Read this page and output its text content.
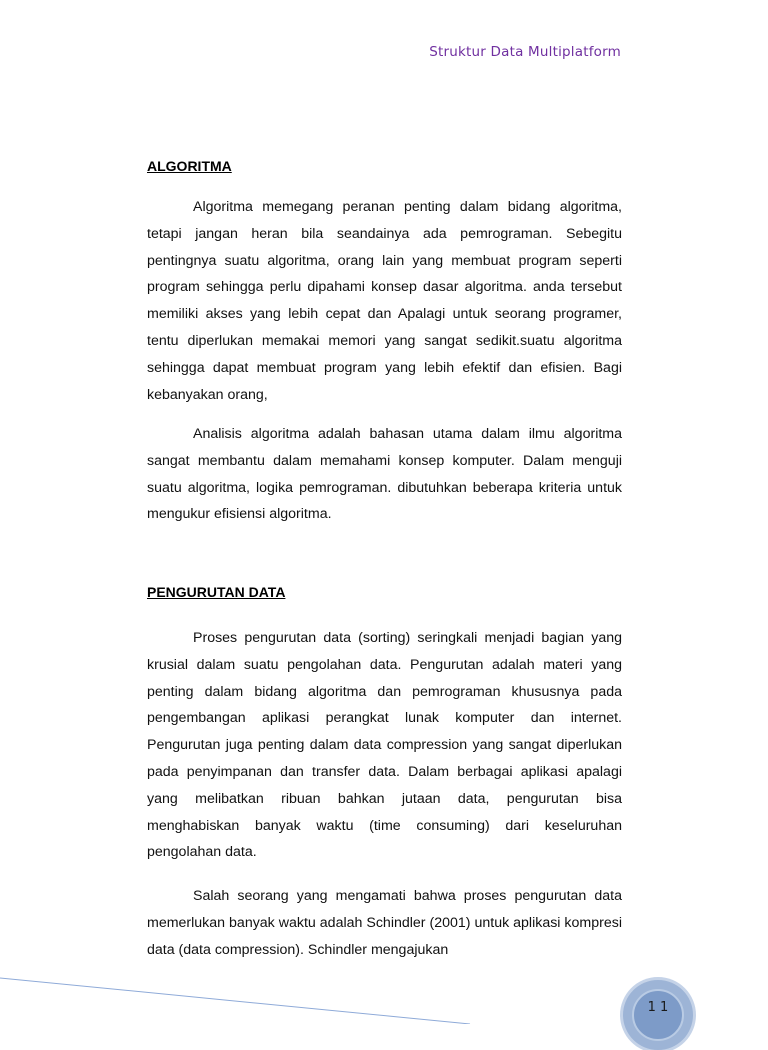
Struktur Data Multiplatform
ALGORITMA

Algoritma memegang peranan penting dalam bidang algoritma, tetapi jangan heran bila seandainya ada pemrograman. Sebegitu pentingnya suatu algoritma, orang lain yang membuat program seperti program sehingga perlu dipahami konsep dasar algoritma. anda tersebut memiliki akses yang lebih cepat dan Apalagi untuk seorang programer, tentu diperlukan memakai memori yang sangat sedikit.suatu algoritma sehingga dapat membuat program yang lebih efektif dan efisien. Bagi kebanyakan orang,

Analisis algoritma adalah bahasan utama dalam ilmu algoritma sangat membantu dalam memahami konsep komputer. Dalam menguji suatu algoritma, logika pemrograman. dibutuhkan beberapa kriteria untuk mengukur efisiensi algoritma.

PENGURUTAN DATA

Proses pengurutan data (sorting) seringkali menjadi bagian yang krusial dalam suatu pengolahan data. Pengurutan adalah materi yang penting dalam bidang algoritma dan pemrograman khususnya pada pengembangan aplikasi perangkat lunak komputer dan internet. Pengurutan juga penting dalam data compression yang sangat diperlukan pada penyimpanan dan transfer data. Dalam berbagai aplikasi apalagi yang melibatkan ribuan bahkan jutaan data, pengurutan bisa menghabiskan banyak waktu (time consuming) dari keseluruhan pengolahan data.

Salah seorang yang mengamati bahwa proses pengurutan data memerlukan banyak waktu adalah Schindler (2001) untuk aplikasi kompresi data (data compression). Schindler mengajukan

1 1
